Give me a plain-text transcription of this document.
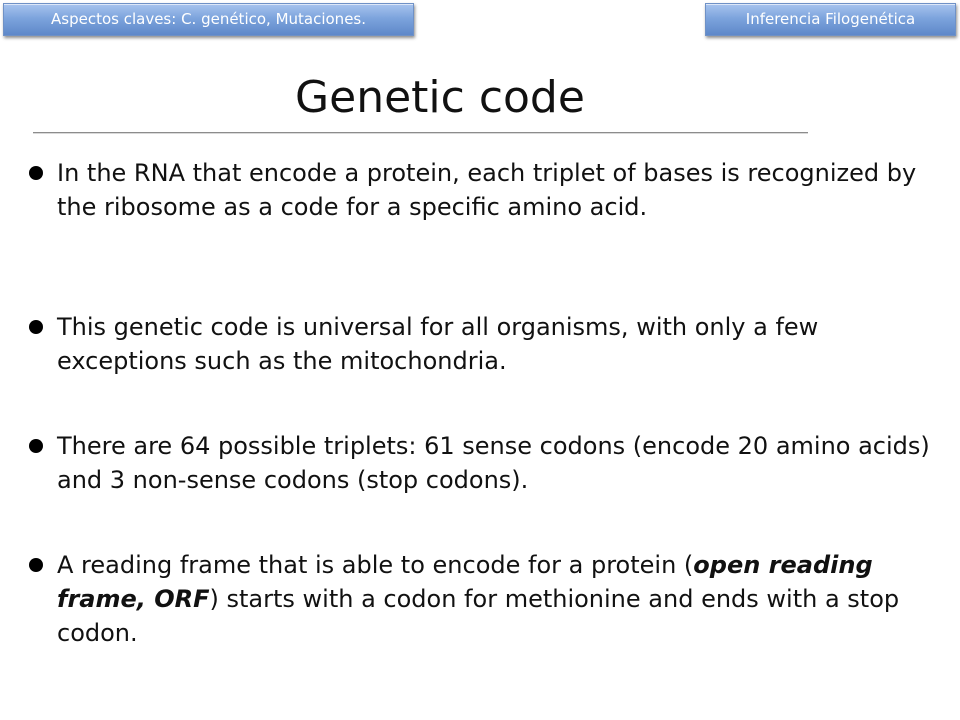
Aspectos claves: C. genético, Mutaciones.	Inferencia Filogenética
Genetic code
In the RNA that encode a protein, each triplet of bases is recognized by the ribosome as a code for a specific amino acid.
This genetic code is universal for all organisms, with only a few exceptions such as the mitochondria.
There are 64 possible triplets: 61 sense codons (encode 20 amino acids) and 3 non-sense codons (stop codons).
A reading frame that is able to encode for a protein (open reading frame, ORF) starts with a codon for methionine and ends with a stop codon.
